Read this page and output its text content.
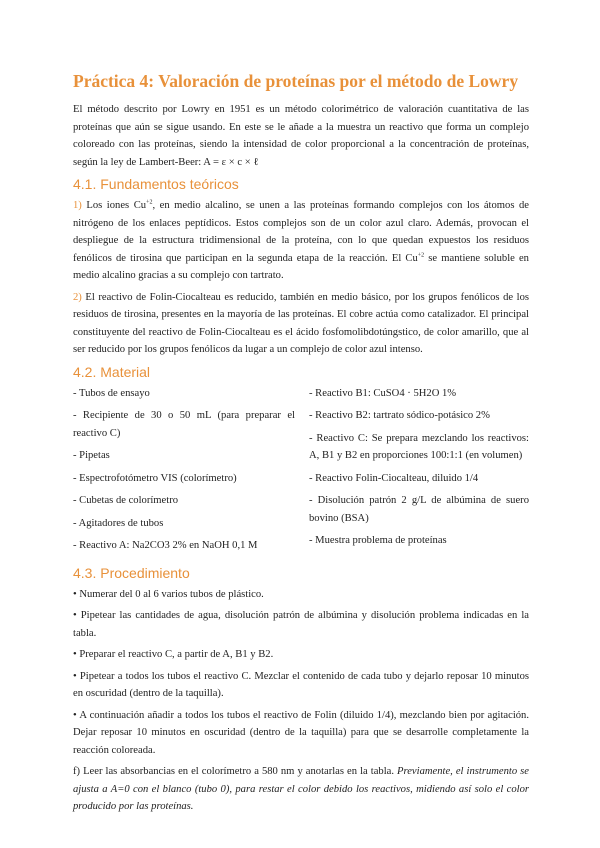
Práctica 4: Valoración de proteínas por el método de Lowry

El método descrito por Lowry en 1951 es un método colorimétrico de valoración cuantitativa de las proteínas que aún se sigue usando. En este se le añade a la muestra un reactivo que forma un complejo coloreado con las proteínas, siendo la intensidad de color proporcional a la concentración de proteínas, según la ley de Lambert-Beer: A = ε × c × ℓ

4.1. Fundamentos teóricos

1) Los iones $Cu^{+2}$, en medio alcalino, se unen a las proteínas formando complejos con los átomos de nitrógeno de los enlaces peptídicos. Estos complejos son de un color azul claro. Además, provocan el despliegue de la estructura tridimensional de la proteína, con lo que quedan expuestos los residuos fenólicos de tirosina que participan en la segunda etapa de la reacción. El $Cu^{+2}$ se mantiene soluble en medio alcalino gracias a su complejo con tartrato.

2) El reactivo de Folin-Ciocalteau es reducido, también en medio básico, por los grupos fenólicos de los residuos de tirosina, presentes en la mayoría de las proteínas. El cobre actúa como catalizador. El principal constituyente del reactivo de Folin-Ciocalteau es el ácido fosfomolibdotúngstico, de color amarillo, que al ser reducido por los grupos fenólicos da lugar a un complejo de color azul intenso.

4.2. Material
- Tubos de ensayo
- Recipiente de 30 o 50 mL (para preparar el reactivo C)
- Pipetas
- Espectrofotómetro VIS (colorímetro)
- Cubetas de colorímetro
- Agitadores de tubos
- Reactivo A: Na2CO3 2% en NaOH 0,1 M
- Reactivo B1: CuSO4 · 5H2O 1%
- Reactivo B2: tartrato sódico-potásico 2%
- Reactivo C: Se prepara mezclando los reactivos: A, B1 y B2 en proporciones 100:1:1 (en volumen)
- Reactivo Folin-Ciocalteau, diluido 1/4
- Disolución patrón 2 g/L de albúmina de suero bovino (BSA)
- Muestra problema de proteínas
4.3. Procedimiento
• Numerar del 0 al 6 varios tubos de plástico.
• Pipetear las cantidades de agua, disolución patrón de albúmina y disolución problema indicadas en la tabla.
• Preparar el reactivo C, a partir de A, B1 y B2.
• Pipetear a todos los tubos el reactivo C. Mezclar el contenido de cada tubo y dejarlo reposar 10 minutos en oscuridad (dentro de la taquilla).
• A continuación añadir a todos los tubos el reactivo de Folin (diluido 1/4), mezclando bien por agitación. Dejar reposar 10 minutos en oscuridad (dentro de la taquilla) para que se desarrolle completamente la reacción coloreada.

f) Leer las absorbancias en el colorímetro a 580 nm y anotarlas en la tabla. Previamente, el instrumento se ajusta a A=0 con el blanco (tubo 0), para restar el color debido los reactivos, midiendo así solo el color producido por las proteínas.
